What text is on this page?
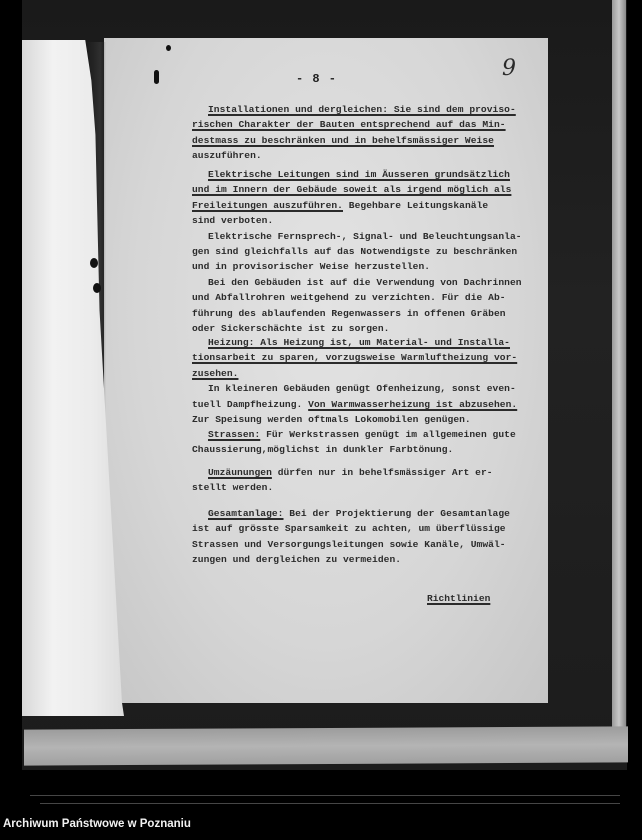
- 8 -	9
Installationen und dergleichen: Sie sind dem proviso-
rischen Charakter der Bauten entsprechend auf das Min-
destmass zu beschränken und in behelfsmässiger Weise
auszuführen.
Elektrische Leitungen sind im Äusseren grundsätzlich
und im Innern der Gebäude soweit als irgend möglich als
Freileitungen auszuführen. Begehbare Leitungskanäle
sind verboten.
Elektrische Fernsprech-, Signal- und Beleuchtungsanla-
gen sind gleichfalls auf das Notwendigste zu beschränken
und in provisorischer Weise herzustellen.
Bei den Gebäuden ist auf die Verwendung von Dachrinnen
und Abfallrohren weitgehend zu verzichten. Für die Ab-
führung des ablaufenden Regenwassers in offenen Gräben
oder Sickerschächte ist zu sorgen.
Heizung: Als Heizung ist, um Material- und Installa-
tionsarbeit zu sparen, vorzugsweise Warmluftheizung vor-
zusehen.
In kleineren Gebäuden genügt Ofenheizung, sonst even-
tuell Dampfheizung. Von Warmwasserheizung ist abzusehen.
Zur Speisung werden oftmals Lokomobilen genügen.
Strassen: Für Werkstrassen genügt im allgemeinen gute
Chaussierung,möglichst in dunkler Farbtönung.
Umzäunungen dürfen nur in behelfsmässiger Art er-
stellt werden.
Gesamtanlage: Bei der Projektierung der Gesamtanlage
ist auf grösste Sparsamkeit zu achten, um überflüssige
Strassen und Versorgungsleitungen sowie Kanäle, Umwäl-
zungen und dergleichen zu vermeiden.
Richtlinien
Archiwum Państwowe w Poznaniu
